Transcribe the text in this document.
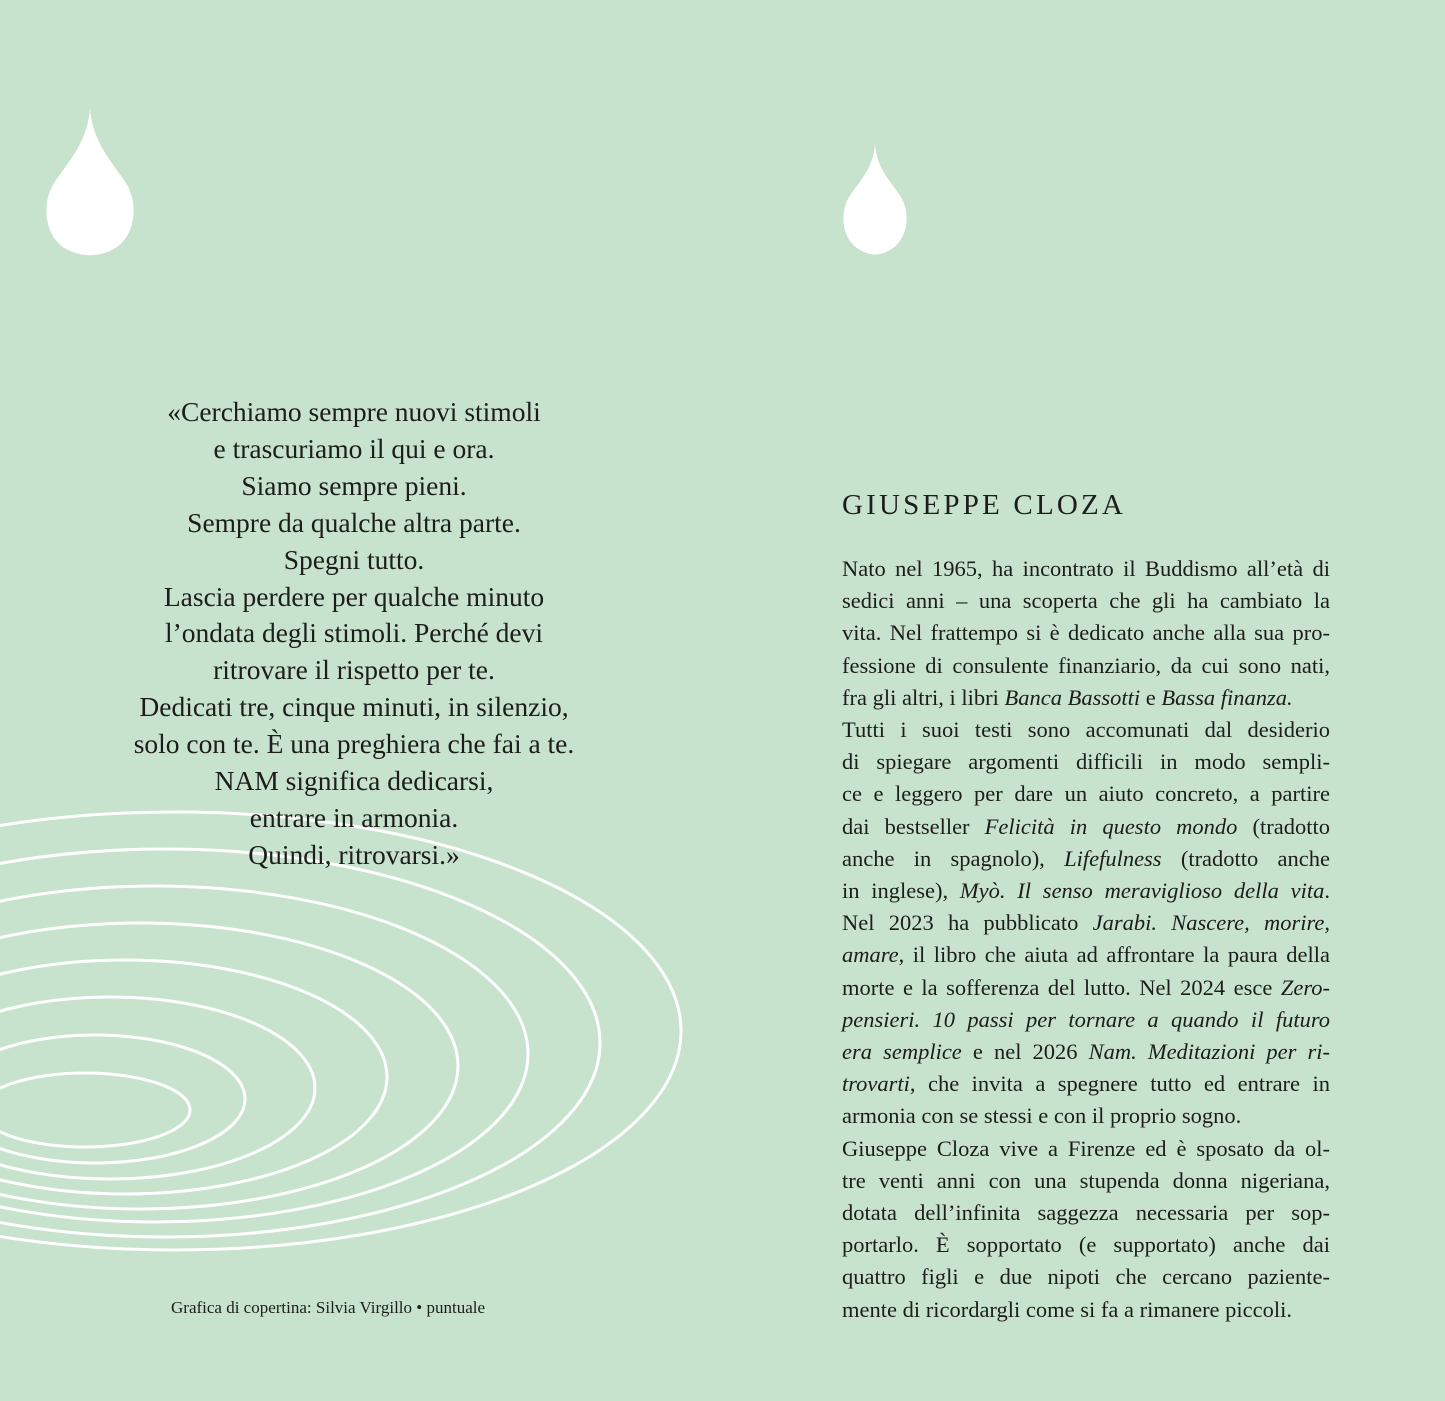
«Cerchiamo sempre nuovi stimoli
e trascuriamo il qui e ora.
Siamo sempre pieni.
Sempre da qualche altra parte.
Spegni tutto.
Lascia perdere per qualche minuto
l’ondata degli stimoli. Perché devi
ritrovare il rispetto per te.
Dedicati tre, cinque minuti, in silenzio,
solo con te. È una preghiera che fai a te.
NAM significa dedicarsi,
entrare in armonia.
Quindi, ritrovarsi.»
Grafica di copertina: Silvia Virgillo • puntuale
GIUSEPPE CLOZA
Nato nel 1965, ha incontrato il Buddismo all’età di
sedici anni – una scoperta che gli ha cambiato la
vita. Nel frattempo si è dedicato anche alla sua pro-
fessione di consulente finanziario, da cui sono nati,
fra gli altri, i libri Banca Bassotti e Bassa finanza.
Tutti i suoi testi sono accomunati dal desiderio
di spiegare argomenti difficili in modo sempli-
ce e leggero per dare un aiuto concreto, a partire
dai bestseller Felicità in questo mondo (tradotto
anche in spagnolo), Lifefulness (tradotto anche
in inglese), Myò. Il senso meraviglioso della vita.
Nel 2023 ha pubblicato Jarabi. Nascere, morire,
amare, il libro che aiuta ad affrontare la paura della
morte e la sofferenza del lutto. Nel 2024 esce Zero-
pensieri. 10 passi per tornare a quando il futuro
era semplice e nel 2026 Nam. Meditazioni per ri-
trovarti, che invita a spegnere tutto ed entrare in
armonia con se stessi e con il proprio sogno.
Giuseppe Cloza vive a Firenze ed è sposato da ol-
tre venti anni con una stupenda donna nigeriana,
dotata dell’infinita saggezza necessaria per sop-
portarlo. È sopportato (e supportato) anche dai
quattro figli e due nipoti che cercano paziente-
mente di ricordargli come si fa a rimanere piccoli.
